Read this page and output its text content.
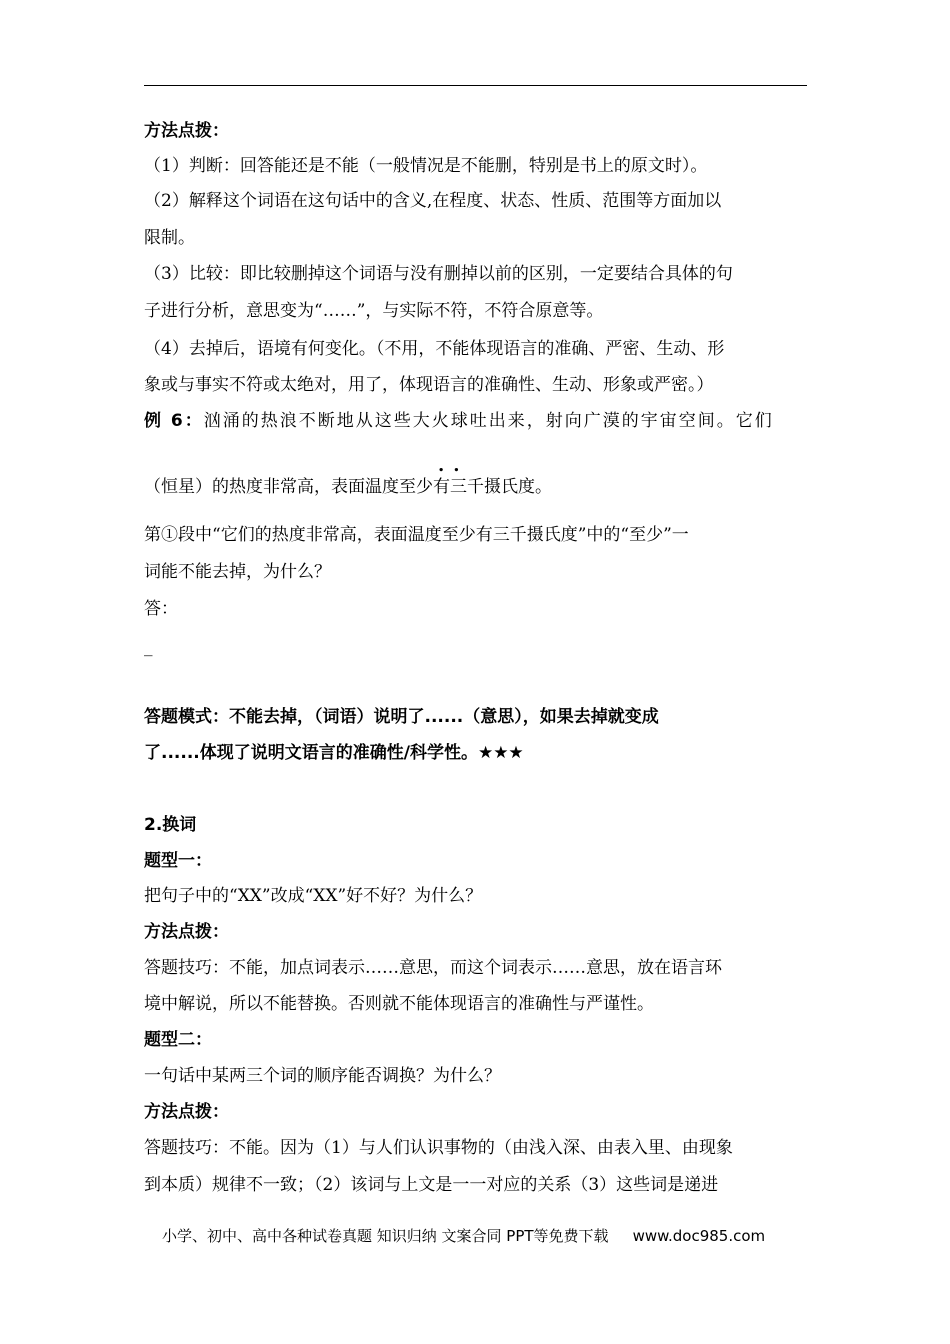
方法点拨：
（1）判断：回答能还是不能（一般情况是不能删，特别是书上的原文时）。
（2）解释这个词语在这句话中的含义,在程度、状态、性质、范围等方面加以
限制。
（3）比较：即比较删掉这个词语与没有删掉以前的区别，一定要结合具体的句
子进行分析，意思变为“……”，与实际不符，不符合原意等。
（4）去掉后，语境有何变化。（不用，不能体现语言的准确、严密、生动、形
象或与事实不符或太绝对，用了，体现语言的准确性、生动、形象或严密。）
例 6：汹涌的热浪不断地从这些大火球吐出来，射向广漠的宇宙空间。它们
..
（恒星）的热度非常高，表面温度至少有三千摄氏度。
第①段中“它们的热度非常高，表面温度至少有三千摄氏度”中的“至少”一
词能不能去掉，为什么？
答：
_
答题模式：不能去掉，（词语）说明了......（意思），如果去掉就变成
了......体现了说明文语言的准确性/科学性。★★★
2.换词
题型一：
把句子中的“XX”改成“XX”好不好？为什么？
方法点拨：
答题技巧：不能，加点词表示……意思，而这个词表示……意思，放在语言环
境中解说，所以不能替换。否则就不能体现语言的准确性与严谨性。
题型二：
一句话中某两三个词的顺序能否调换？为什么？
方法点拨：
答题技巧：不能。因为（1）与人们认识事物的（由浅入深、由表入里、由现象
到本质）规律不一致；（2）该词与上文是一一对应的关系（3）这些词是递进
小学、初中、高中各种试卷真题 知识归纳 文案合同 PPT等免费下载 www.doc985.com
